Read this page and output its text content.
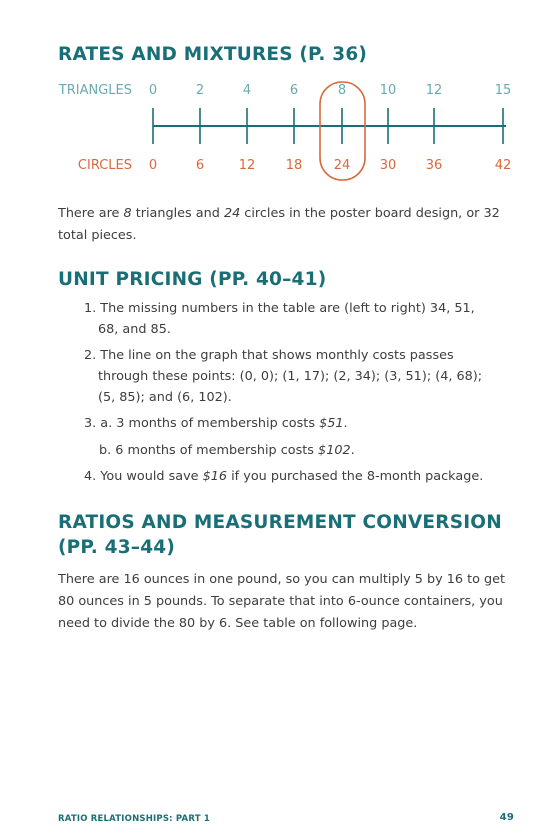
RATES AND MIXTURES (P. 36)
TRIANGLES
CIRCLES
0
0
2
6
4
12
6
18
8
24
10
30
12
36
15
42
There are 8 triangles and 24 circles in the poster board design, or 32 total pieces.
UNIT PRICING (PP. 40–41)
1. The missing numbers in the table are (left to right) 34, 51, 68, and 85.
2. The line on the graph that shows monthly costs passes through these points: (0, 0); (1, 17); (2, 34); (3, 51); (4, 68); (5, 85); and (6, 102).
3. a. 3 months of membership costs $51.
b. 6 months of membership costs $102.
4. You would save $16 if you purchased the 8-month package.
RATIOS AND MEASUREMENT CONVERSION
(PP. 43–44)
There are 16 ounces in one pound, so you can multiply 5 by 16 to get 80 ounces in 5 pounds. To separate that into 6-ounce containers, you need to divide the 80 by 6. See table on following page.
RATIO RELATIONSHIPS: PART 1	49
